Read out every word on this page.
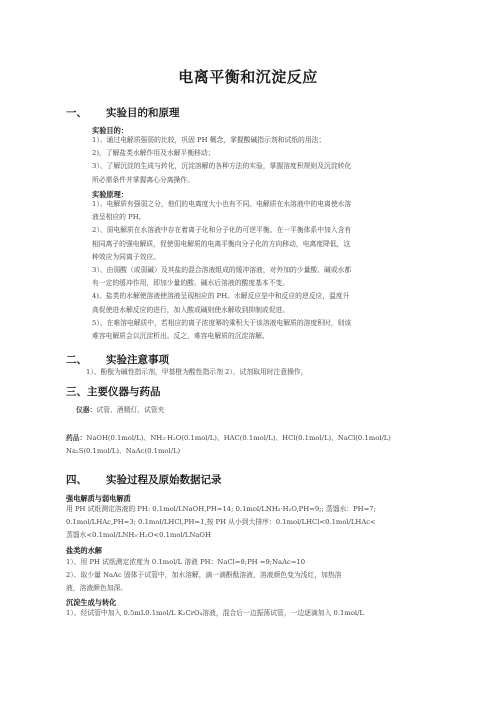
电离平衡和沉淀反应
一、 实验目的和原理
实验目的：
1）、通过电解质强弱的比较，巩固 PH 概念，掌握酸碱指示剂和试纸的用法；
2)、了解盐类水解作用及水解平衡移动；
3）、了解沉淀的生成与转化，沉淀溶解的各种方法的实验，掌握溶度积规则及沉淀转化
所必需条件并掌握离心分离操作。
实验原理：
1）、电解质有强弱之分，他们的电离度大小也有不同。电解质在水溶液中的电离使水溶
液呈相应的 PH。
2）、弱电解质在水溶液中存在着离子化和分子化的可逆平衡。在一平衡体系中加入含有
相同离子的强电解质，促使弱电解质的电离平衡向分子化的方向移动，电离度降低，这
种效应为同离子效应。
3）、由弱酸（或弱碱）及其盐的混合溶液组成的缓冲溶液，对外加的少量酸、碱或水都
有一定的缓冲作用，即加少量的酸、碱水后溶液的酸度基本不变。
4)、盐类的水解使溶液使溶液呈现相应的 PH。水解反应是中和反应的逆反应，温度升
高促使进水解反应的进行，加入酸或碱则使水解收到抑制或促进。
5）、在难溶电解质中，若相应的离子浓度幂的乘积大于该溶液电解质的溶度积时，则该
难容电解质会以沉淀析出。反之，难容电解质的沉淀溶解。
二、 实验注意事项
1）、酚酞为碱性指示剂，甲基橙为酸性指示剂 2）、试剂取用时注意操作，
三、主要仪器与药品
仪器：试管、酒精灯、试管夹
药品：NaOH(0.1mol/L)、NH₃·H₂O(0.1mol/L)、HAC(0.1mol/L)、HCl(0.1mol/L)、NaCl(0.1mol/L)
Na₂S(0.1mol/L)、NaAc(0.1mol/L)
四、 实验过程及原始数据记录
强电解质与弱电解质
用 PH 试纸测定溶液的 PH: 0.1mol/LNaOH,PH=14; 0.1mol/LNH₃·H₂O,PH=9;; 蒸馏水：PH=7;
0.1mol/LHAc,PH=3; 0.1mol/LHCl,PH=1,按 PH 从小到大排序：0.1mol/LHCl<0.1mol/LHAc<
蒸馏水<0.1mol/LNH₃·H₂O<0.1mol/LNaOH
盐类的水解
1）、用 PH 试纸测定浓度为 0.1mol/L 溶液 PH：NaCl=8;PH =9;NaAc=10
2）、取少量 NaAc 固体于试管中，加水溶解，滴一滴酚酞溶液，溶液颜色变为浅红，加热溶
液，溶液颜色加深。
沉淀生成与转化
1）、经试管中加入 0.5mL0.1mol/L K₂CrO₄溶液，混合后一边振荡试管，一边逐滴加入 0.1mol/L
